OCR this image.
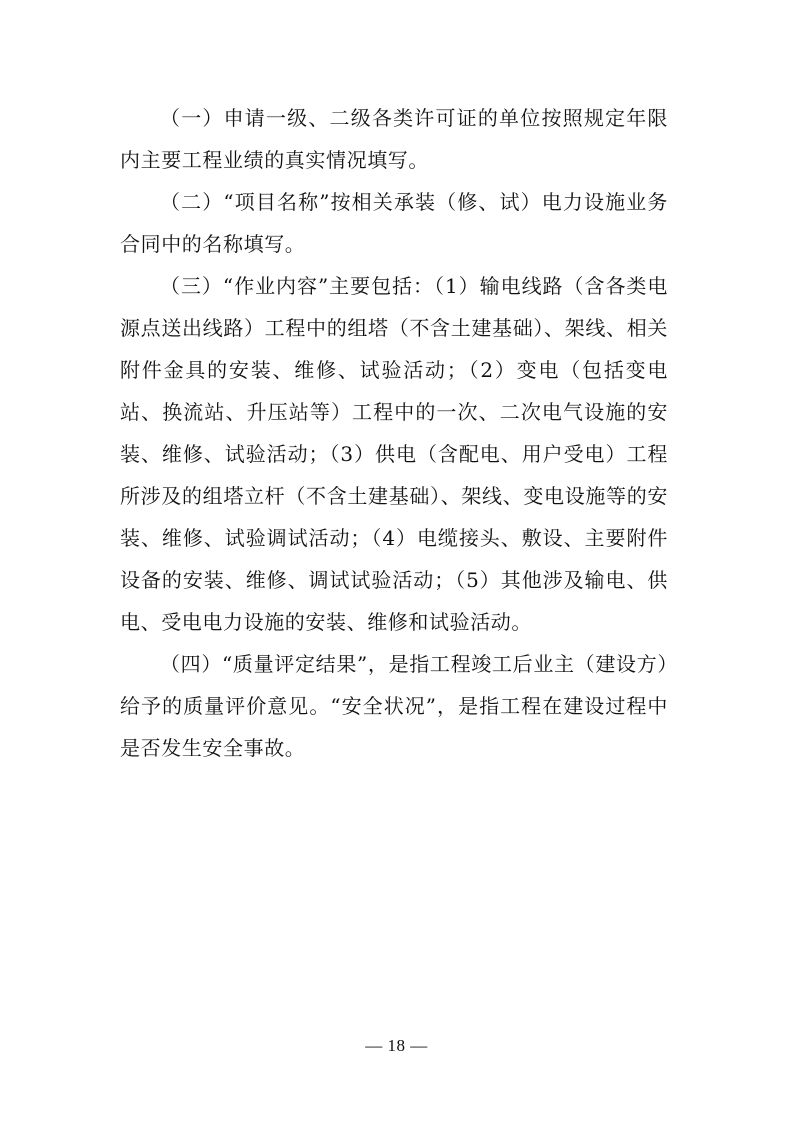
（一）申请一级、二级各类许可证的单位按照规定年限内主要工程业绩的真实情况填写。

（二）“项目名称”按相关承装（修、试）电力设施业务合同中的名称填写。

（三）“作业内容”主要包括：（1）输电线路（含各类电源点送出线路）工程中的组塔（不含土建基础）、架线、相关附件金具的安装、维修、试验活动；（2）变电（包括变电站、换流站、升压站等）工程中的一次、二次电气设施的安装、维修、试验活动；（3）供电（含配电、用户受电）工程所涉及的组塔立杆（不含土建基础）、架线、变电设施等的安装、维修、试验调试活动；（4）电缆接头、敷设、主要附件设备的安装、维修、调试试验活动；（5）其他涉及输电、供电、受电电力设施的安装、维修和试验活动。

（四）“质量评定结果”，是指工程竣工后业主（建设方）给予的质量评价意见。“安全状况”，是指工程在建设过程中是否发生安全事故。

— 18 —
